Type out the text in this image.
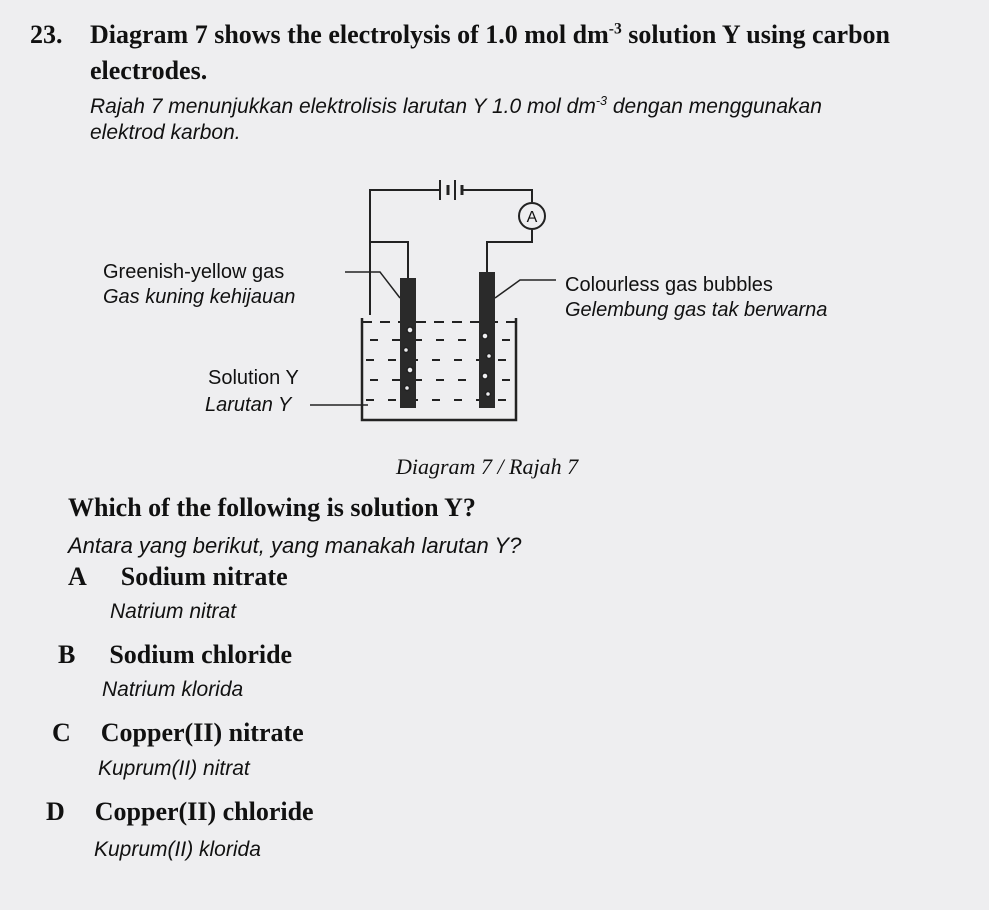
23. Diagram 7 shows the electrolysis of 1.0 mol $dm^{-3}$ solution Y using carbon
electrodes.
Rajah 7 menunjukkan elektrolisis larutan Y 1.0 mol $dm^{-3}$ dengan menggunakan
elektrod karbon.
A
Greenish-yellow gas
Gas kuning kehijauan
Colourless gas bubbles
Gelembung gas tak berwarna
Solution Y
Larutan Y
Diagram 7 / Rajah 7
Which of the following is solution Y?
Antara yang berikut, yang manakah larutan Y?
A Sodium nitrate
Natrium nitrat
B Sodium chloride
Natrium klorida
C Copper(II) nitrate
Kuprum(II) nitrat
D Copper(II) chloride
Kuprum(II) klorida
